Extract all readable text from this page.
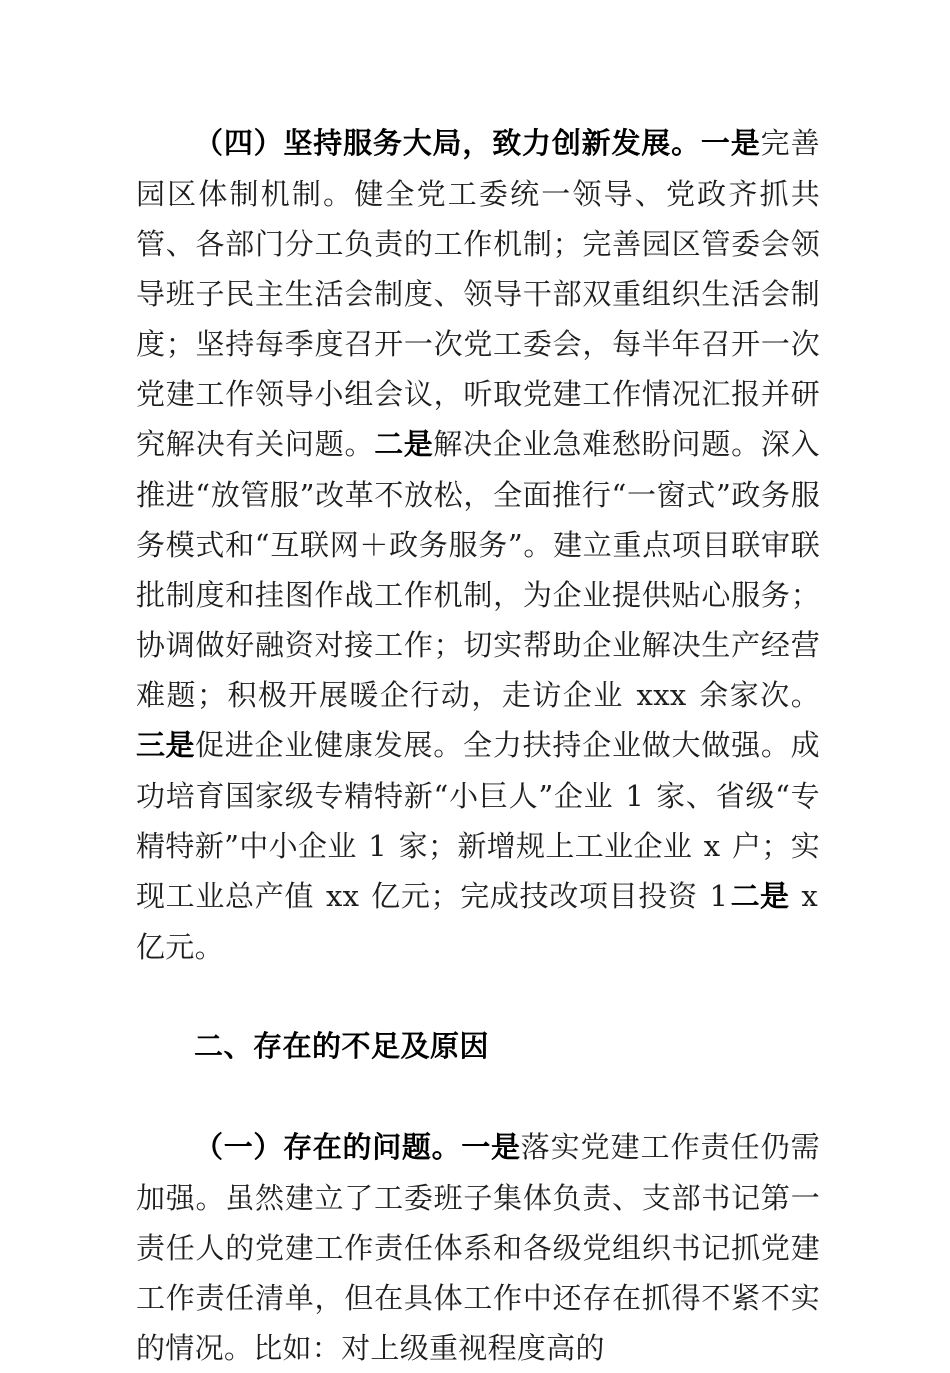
（四）坚持服务大局，致力创新发展。一是完善园区体制机制。健全党工委统一领导、党政齐抓共管、各部门分工负责的工作机制；完善园区管委会领导班子民主生活会制度、领导干部双重组织生活会制度；坚持每季度召开一次党工委会，每半年召开一次党建工作领导小组会议，听取党建工作情况汇报并研究解决有关问题。二是解决企业急难愁盼问题。深入推进“放管服”改革不放松，全面推行“一窗式”政务服务模式和“互联网＋政务服务”。建立重点项目联审联批制度和挂图作战工作机制，为企业提供贴心服务；协调做好融资对接工作；切实帮助企业解决生产经营难题；积极开展暖企行动，走访企业 xxx 余家次。三是促进企业健康发展。全力扶持企业做大做强。成功培育国家级专精特新“小巨人”企业 1 家、省级“专精特新”中小企业 1 家；新增规上工业企业 x 户；实现工业总产值 xx 亿元；完成技改项目投资 1二是 x 亿元。

二、存在的不足及原因

（一）存在的问题。一是落实党建工作责任仍需加强。虽然建立了工委班子集体负责、支部书记第一责任人的党建工作责任体系和各级党组织书记抓党建工作责任清单，但在具体工作中还存在抓得不紧不实的情况。比如：对上级重视程度高的
